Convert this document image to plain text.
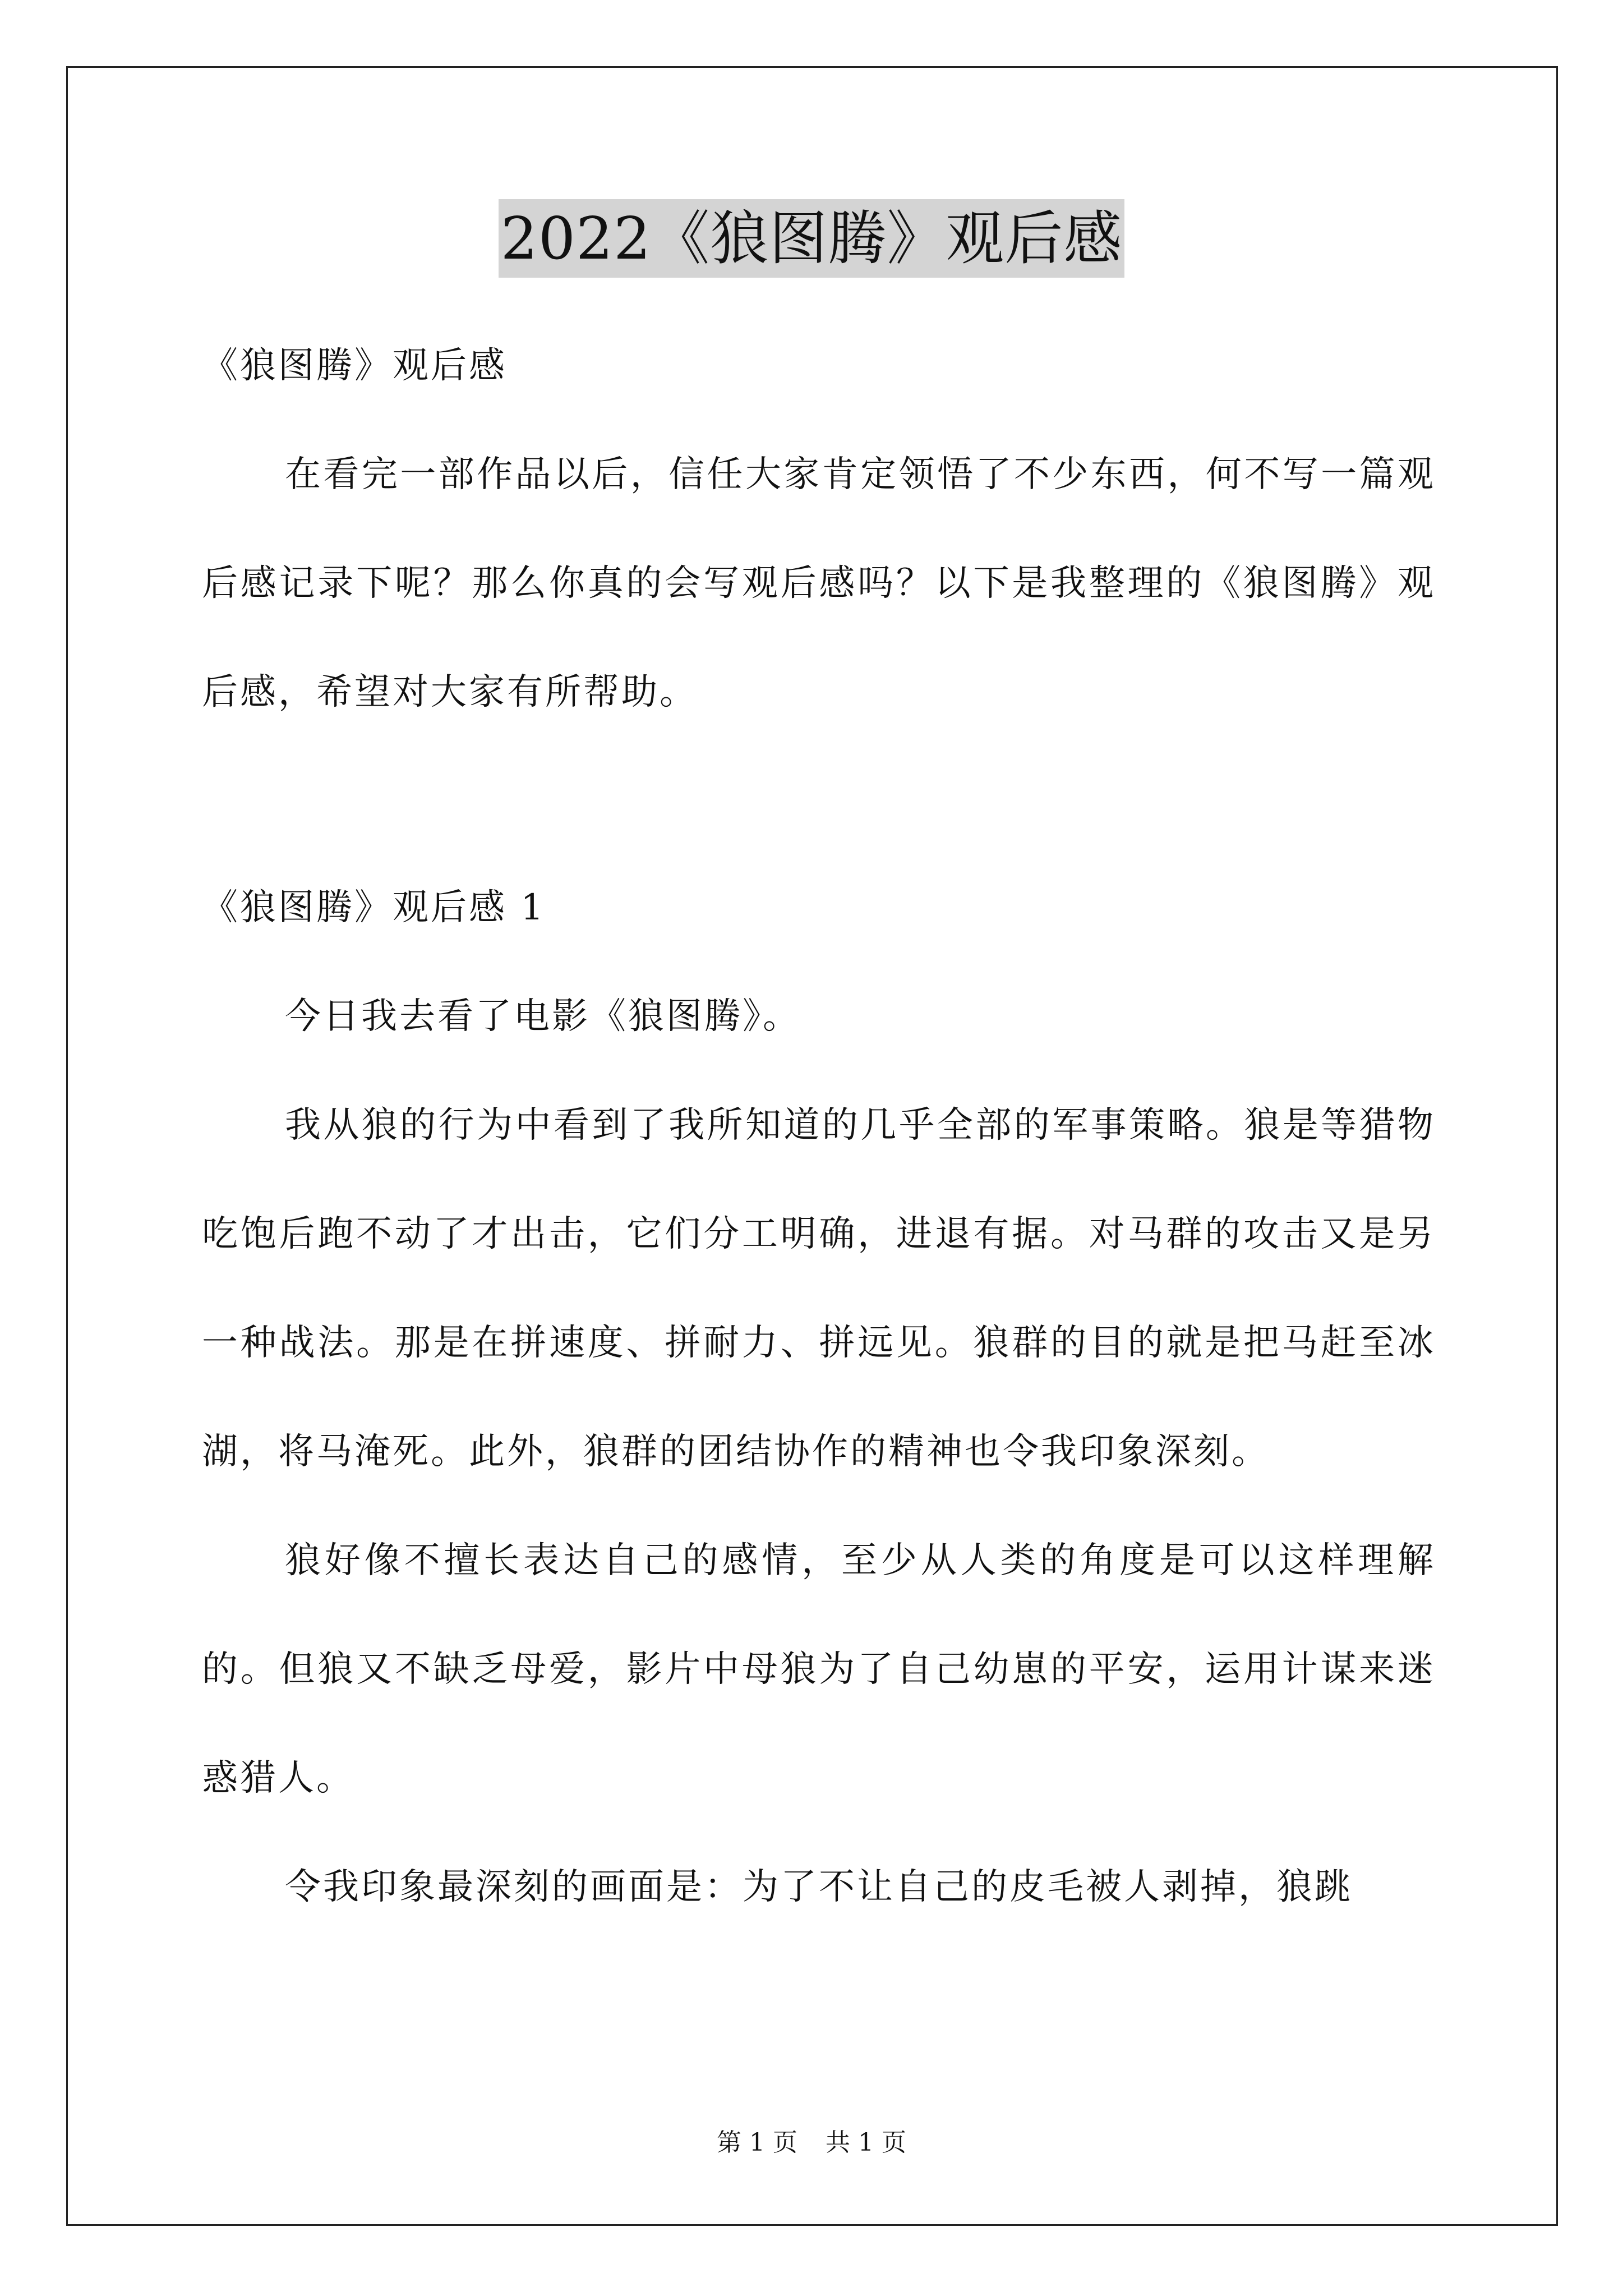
2022《狼图腾》观后感

《狼图腾》观后感

在看完一部作品以后，信任大家肯定领悟了不少东西，何不写一篇观后感记录下呢？那么你真的会写观后感吗？以下是我整理的《狼图腾》观后感，希望对大家有所帮助。

《狼图腾》观后感 1

今日我去看了电影《狼图腾》。

我从狼的行为中看到了我所知道的几乎全部的军事策略。狼是等猎物吃饱后跑不动了才出击，它们分工明确，进退有据。对马群的攻击又是另一种战法。那是在拼速度、拼耐力、拼远见。狼群的目的就是把马赶至冰湖，将马淹死。此外，狼群的团结协作的精神也令我印象深刻。

狼好像不擅长表达自己的感情，至少从人类的角度是可以这样理解的。但狼又不缺乏母爱，影片中母狼为了自己幼崽的平安，运用计谋来迷惑猎人。

令我印象最深刻的画面是：为了不让自己的皮毛被人剥掉，狼跳

第 1 页 共 1 页
